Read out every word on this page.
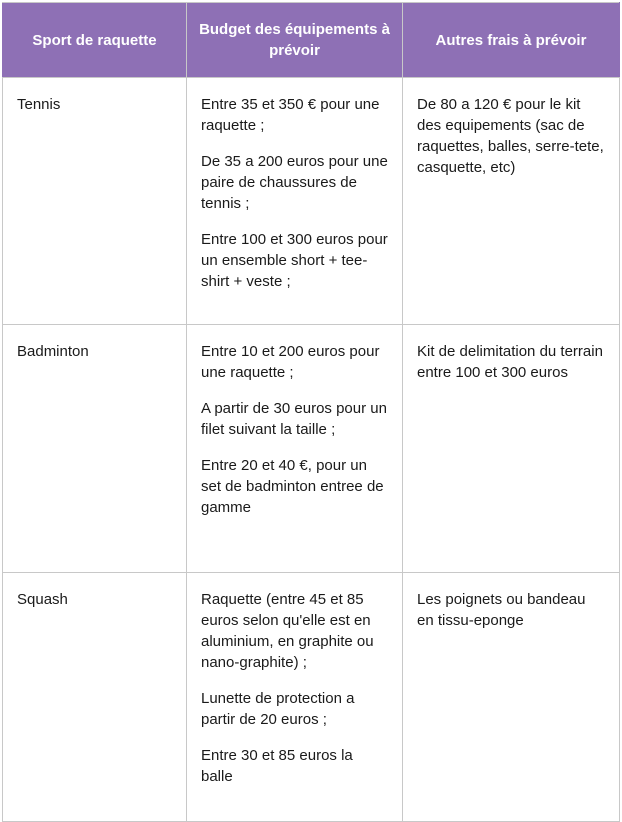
Sport de raquette	Budget des équipements à prévoir	Autres frais à prévoir
Tennis	Entre 35 et 350 € pour une raquette ;

De 35 a 200 euros pour une paire de chaussures de tennis ;

Entre 100 et 300 euros pour un ensemble short + tee-shirt + veste ;	De 80 a 120 € pour le kit des equipements (sac de raquettes, balles, serre-tete, casquette, etc)

Badminton	Entre 10 et 200 euros pour une raquette ;

A partir de 30 euros pour un filet suivant la taille ;

Entre 20 et 40 €, pour un set de badminton entree de gamme	Kit de delimitation du terrain entre 100 et 300 euros

Squash	Raquette (entre 45 et 85 euros selon qu'elle est en aluminium, en graphite ou nano-graphite) ;

Lunette de protection a partir de 20 euros ;

Entre 30 et 85 euros la balle	Les poignets ou bandeau en tissu-eponge
